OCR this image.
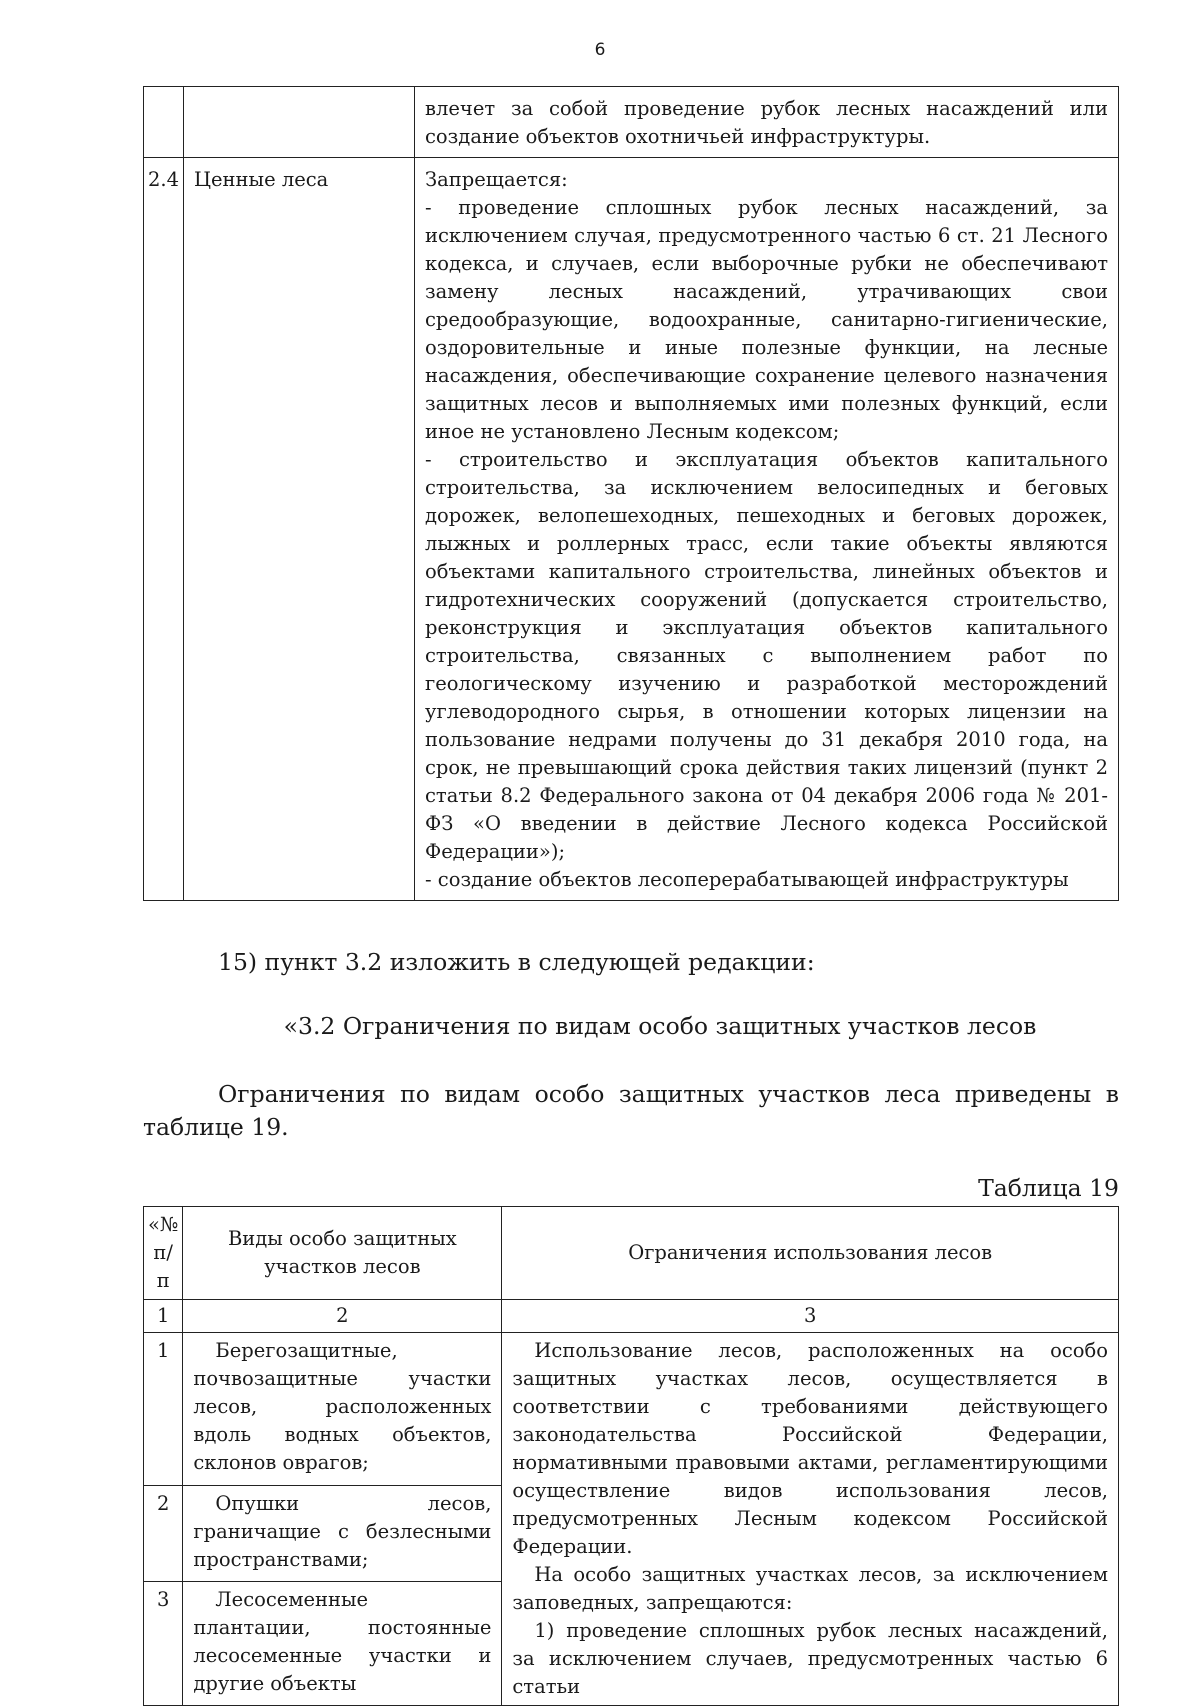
6
		влечет за собой проведение рубок лесных насаждений или создание объектов охотничьей инфраструктуры.
2.4	Ценные леса	Запрещается:

- проведение сплошных рубок лесных насаждений, за исключением случая, предусмотренного частью 6 ст. 21 Лесного кодекса, и случаев, если выборочные рубки не обеспечивают замену лесных насаждений, утрачивающих свои средообразующие, водоохранные, санитарно-гигиенические, оздоровительные и иные полезные функции, на лесные насаждения, обеспечивающие сохранение целевого назначения защитных лесов и выполняемых ими полезных функций, если иное не установлено Лесным кодексом;

- строительство и эксплуатация объектов капитального строительства, за исключением велосипедных и беговых дорожек, велопешеходных, пешеходных и беговых дорожек, лыжных и роллерных трасс, если такие объекты являются объектами капитального строительства, линейных объектов и гидротехнических сооружений (допускается строительство, реконструкция и эксплуатация объектов капитального строительства, связанных с выполнением работ по геологическому изучению и разработкой месторождений углеводородного сырья, в отношении которых лицензии на пользование недрами получены до 31 декабря 2010 года, на срок, не превышающий срока действия таких лицензий (пункт 2 статьи 8.2 Федерального закона от 04 декабря 2006 года № 201-ФЗ «О введении в действие Лесного кодекса Российской Федерации»);

- создание объектов лесоперерабатывающей инфраструктуры

15) пункт 3.2 изложить в следующей редакции:
«3.2 Ограничения по видам особо защитных участков лесов

Ограничения по видам особо защитных участков леса приведены в таблице 19.

Таблица 19
«№ п/п	Виды особо защитных участков лесов	Ограничения использования лесов
1	2	3
1	Берегозащитные, почвозащитные участки лесов, расположенных вдоль водных объектов, склонов оврагов;	Использование лесов, расположенных на особо защитных участках лесов, осуществляется в соответствии с требованиями действующего законодательства Российской Федерации, нормативными правовыми актами, регламентирующими осуществление видов использования лесов, предусмотренных Лесным кодексом Российской Федерации.

На особо защитных участках лесов, за исключением заповедных, запрещаются:

1) проведение сплошных рубок лесных насаждений, за исключением случаев, предусмотренных частью 6 статьи

2	Опушки лесов, граничащие с безлесными пространствами;	
3	Лесосеменные плантации, постоянные лесосеменные участки и другие объекты	
